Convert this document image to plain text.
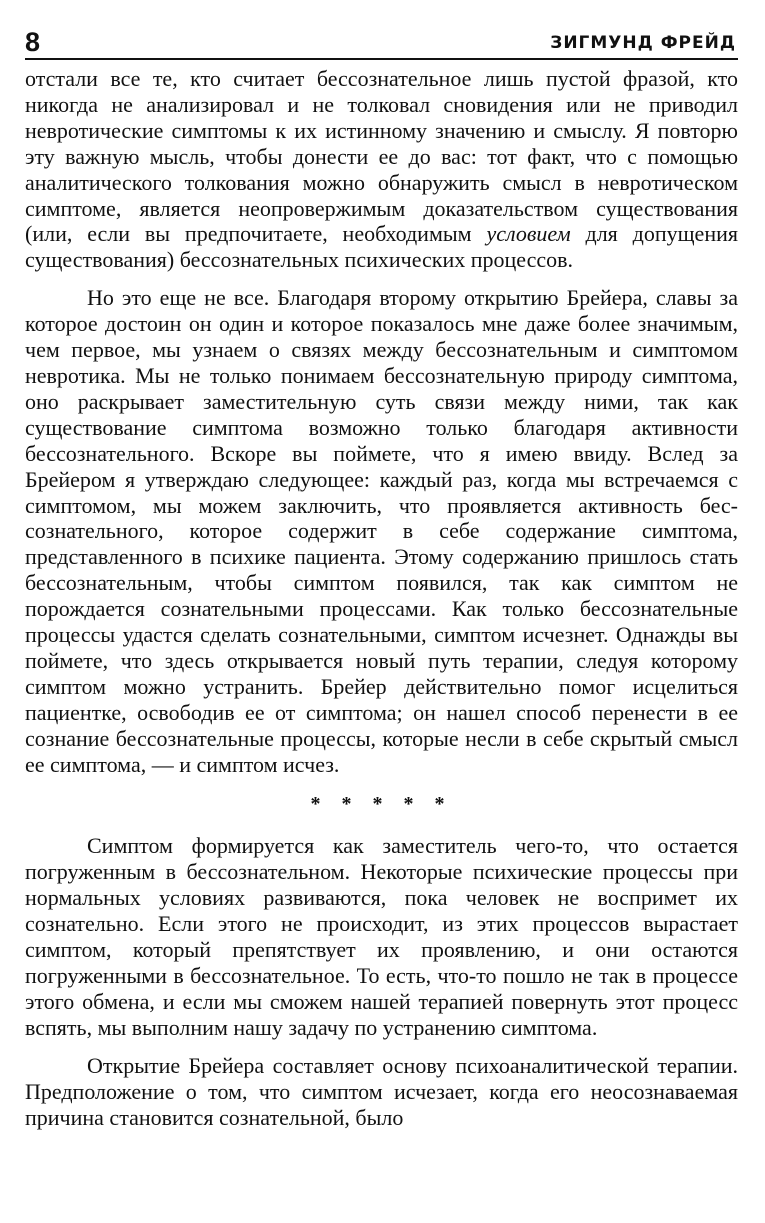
8	ЗИГМУНД ФРЕЙД

отстали все те, кто считает бессознательное лишь пустой фразой, кто никогда не анализировал и не толковал сновидения или не приводил невротические симптомы к их истинному значению и смыслу. Я повторю эту важную мысль, чтобы донести ее до вас: тот факт, что с помощью аналитического толкования можно обнаружить смысл в невротическом симптоме, является неопровержимым доказательством существования (или, если вы предпочитаете, необходимым условием для допущения существования) бессознательных психических процессов.

Но это еще не все. Благодаря второму открытию Брейера, славы за которое достоин он один и которое показалось мне даже более значимым, чем первое, мы узнаем о связях между бессознательным и симптомом невротика. Мы не только понимаем бессознательную природу симптома, оно раскрывает заместительную суть связи между ними, так как существование симптома возможно только благодаря активности бессознательного. Вскоре вы поймете, что я имею ввиду. Вслед за Брейером я утверждаю следующее: каждый раз, когда мы встречаемся с симптомом, мы можем заключить, что проявляется активность бессознательного, которое содержит в себе содержание симптома, представленного в психике пациента. Этому содержанию пришлось стать бессознательным, чтобы симптом появился, так как симптом не порождается сознательными процессами. Как только бессознательные процессы удастся сделать сознательными, симптом исчезнет. Однажды вы поймете, что здесь открывается новый путь терапии, следуя которому симптом можно устранить. Брейер действительно помог исцелиться пациентке, освободив ее от симптома; он нашел способ перенести в ее сознание бессознательные процессы, которые несли в себе скрытый смысл ее симптома, — и симптом исчез.

* * * * *

Симптом формируется как заместитель чего-то, что остается погруженным в бессознательном. Некоторые психические процессы при нормальных условиях развиваются, пока человек не воспримет их сознательно. Если этого не происходит, из этих процессов вырастает симптом, который препятствует их проявлению, и они остаются погруженными в бессознательное. То есть, что-то пошло не так в процессе этого обмена, и если мы сможем нашей терапией повернуть этот процесс вспять, мы выполним нашу задачу по устранению симптома.

Открытие Брейера составляет основу психоаналитической терапии. Предположение о том, что симптом исчезает, когда его неосознаваемая причина становится сознательной, было
